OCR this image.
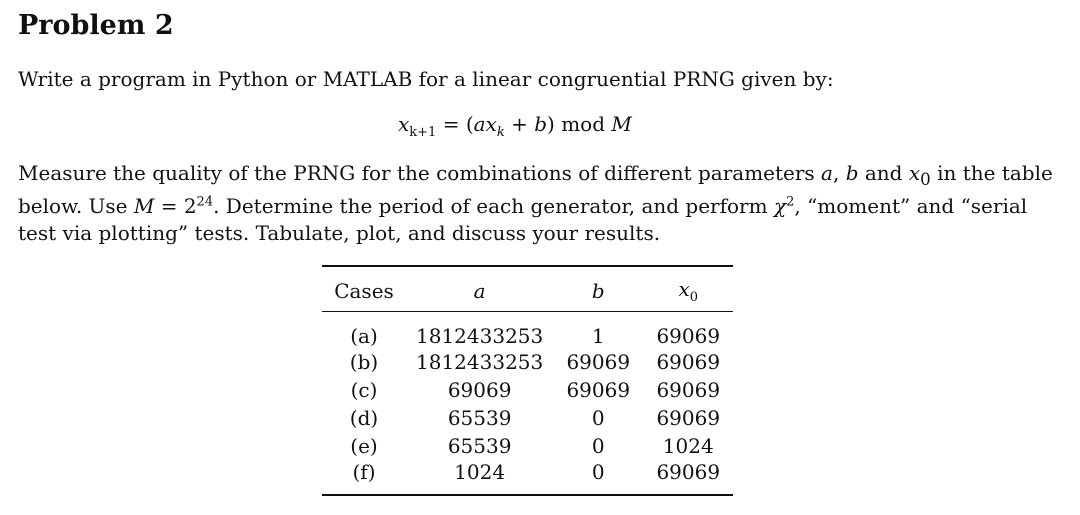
Problem 2

Write a program in Python or MATLAB for a linear congruential PRNG given by:

$x_{k+1} = (ax_k + b)$ mod M

Measure the quality of the PRNG for the combinations of different parameters a, b and $x_0$ in the table below. Use $M = 2^{24}$. Determine the period of each generator, and perform $\chi^2$, “moment” and “serial test via plotting” tests. Tabulate, plot, and discuss your results.

Cases	a	b	$x_0$
(a)	1812433253	1	69069
(b)	1812433253	69069	69069
(c)	69069	69069	69069
(d)	65539	0	69069
(e)	65539	0	1024
(f)	1024	0	69069
